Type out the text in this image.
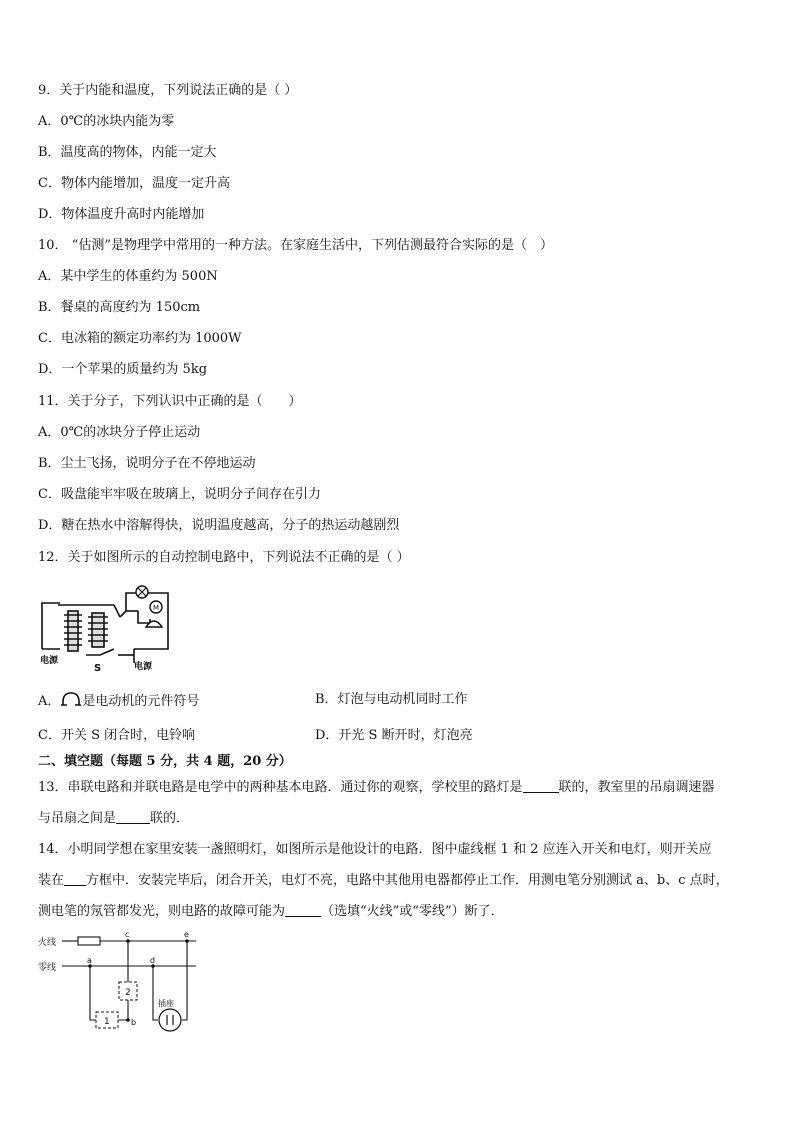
9．关于内能和温度，下列说法正确的是（ ）
A．0℃的冰块内能为零
B．温度高的物体，内能一定大
C．物体内能增加，温度一定升高
D．物体温度升高时内能增加
10． “估测”是物理学中常用的一种方法。在家庭生活中，下列估测最符合实际的是（　）
A．某中学生的体重约为 500N
B．餐桌的高度约为 150cm
C．电冰箱的额定功率约为 1000W
D．一个苹果的质量约为 5kg
11．关于分子，下列认识中正确的是（　　）
A．0℃的冰块分子停止运动
B．尘土飞扬，说明分子在不停地运动
C．吸盘能牢牢吸在玻璃上，说明分子间存在引力
D．糖在热水中溶解得快，说明温度越高，分子的热运动越剧烈
12．关于如图所示的自动控制电路中，下列说法不正确的是（ ）
M
电源
S	电源
A． 是电动机的元件符号	B．灯泡与电动机同时工作
C．开关 S 闭合时，电铃响	D．开光 S 断开时，灯泡亮
二、填空题（每题 5 分，共 4 题，20 分）
13．串联电路和并联电路是电学中的两种基本电路．通过你的观察，学校里的路灯是	联的，教室里的吊扇调速器
与吊扇之间是	联的．
14．小明同学想在家里安装一盏照明灯，如图所示是他设计的电路．图中虚线框 1 和 2 应连入开关和电灯，则开关应
装在 方框中．安装完毕后，闭合开关，电灯不亮，电路中其他用电器都停止工作．用测电笔分别测试 a、b、c 点时，
测电笔的氖管都发光，则电路的故障可能为	（选填“火线”或“零线”）断了．
火线
零线
a
b
c
d
e
1
2
插座
